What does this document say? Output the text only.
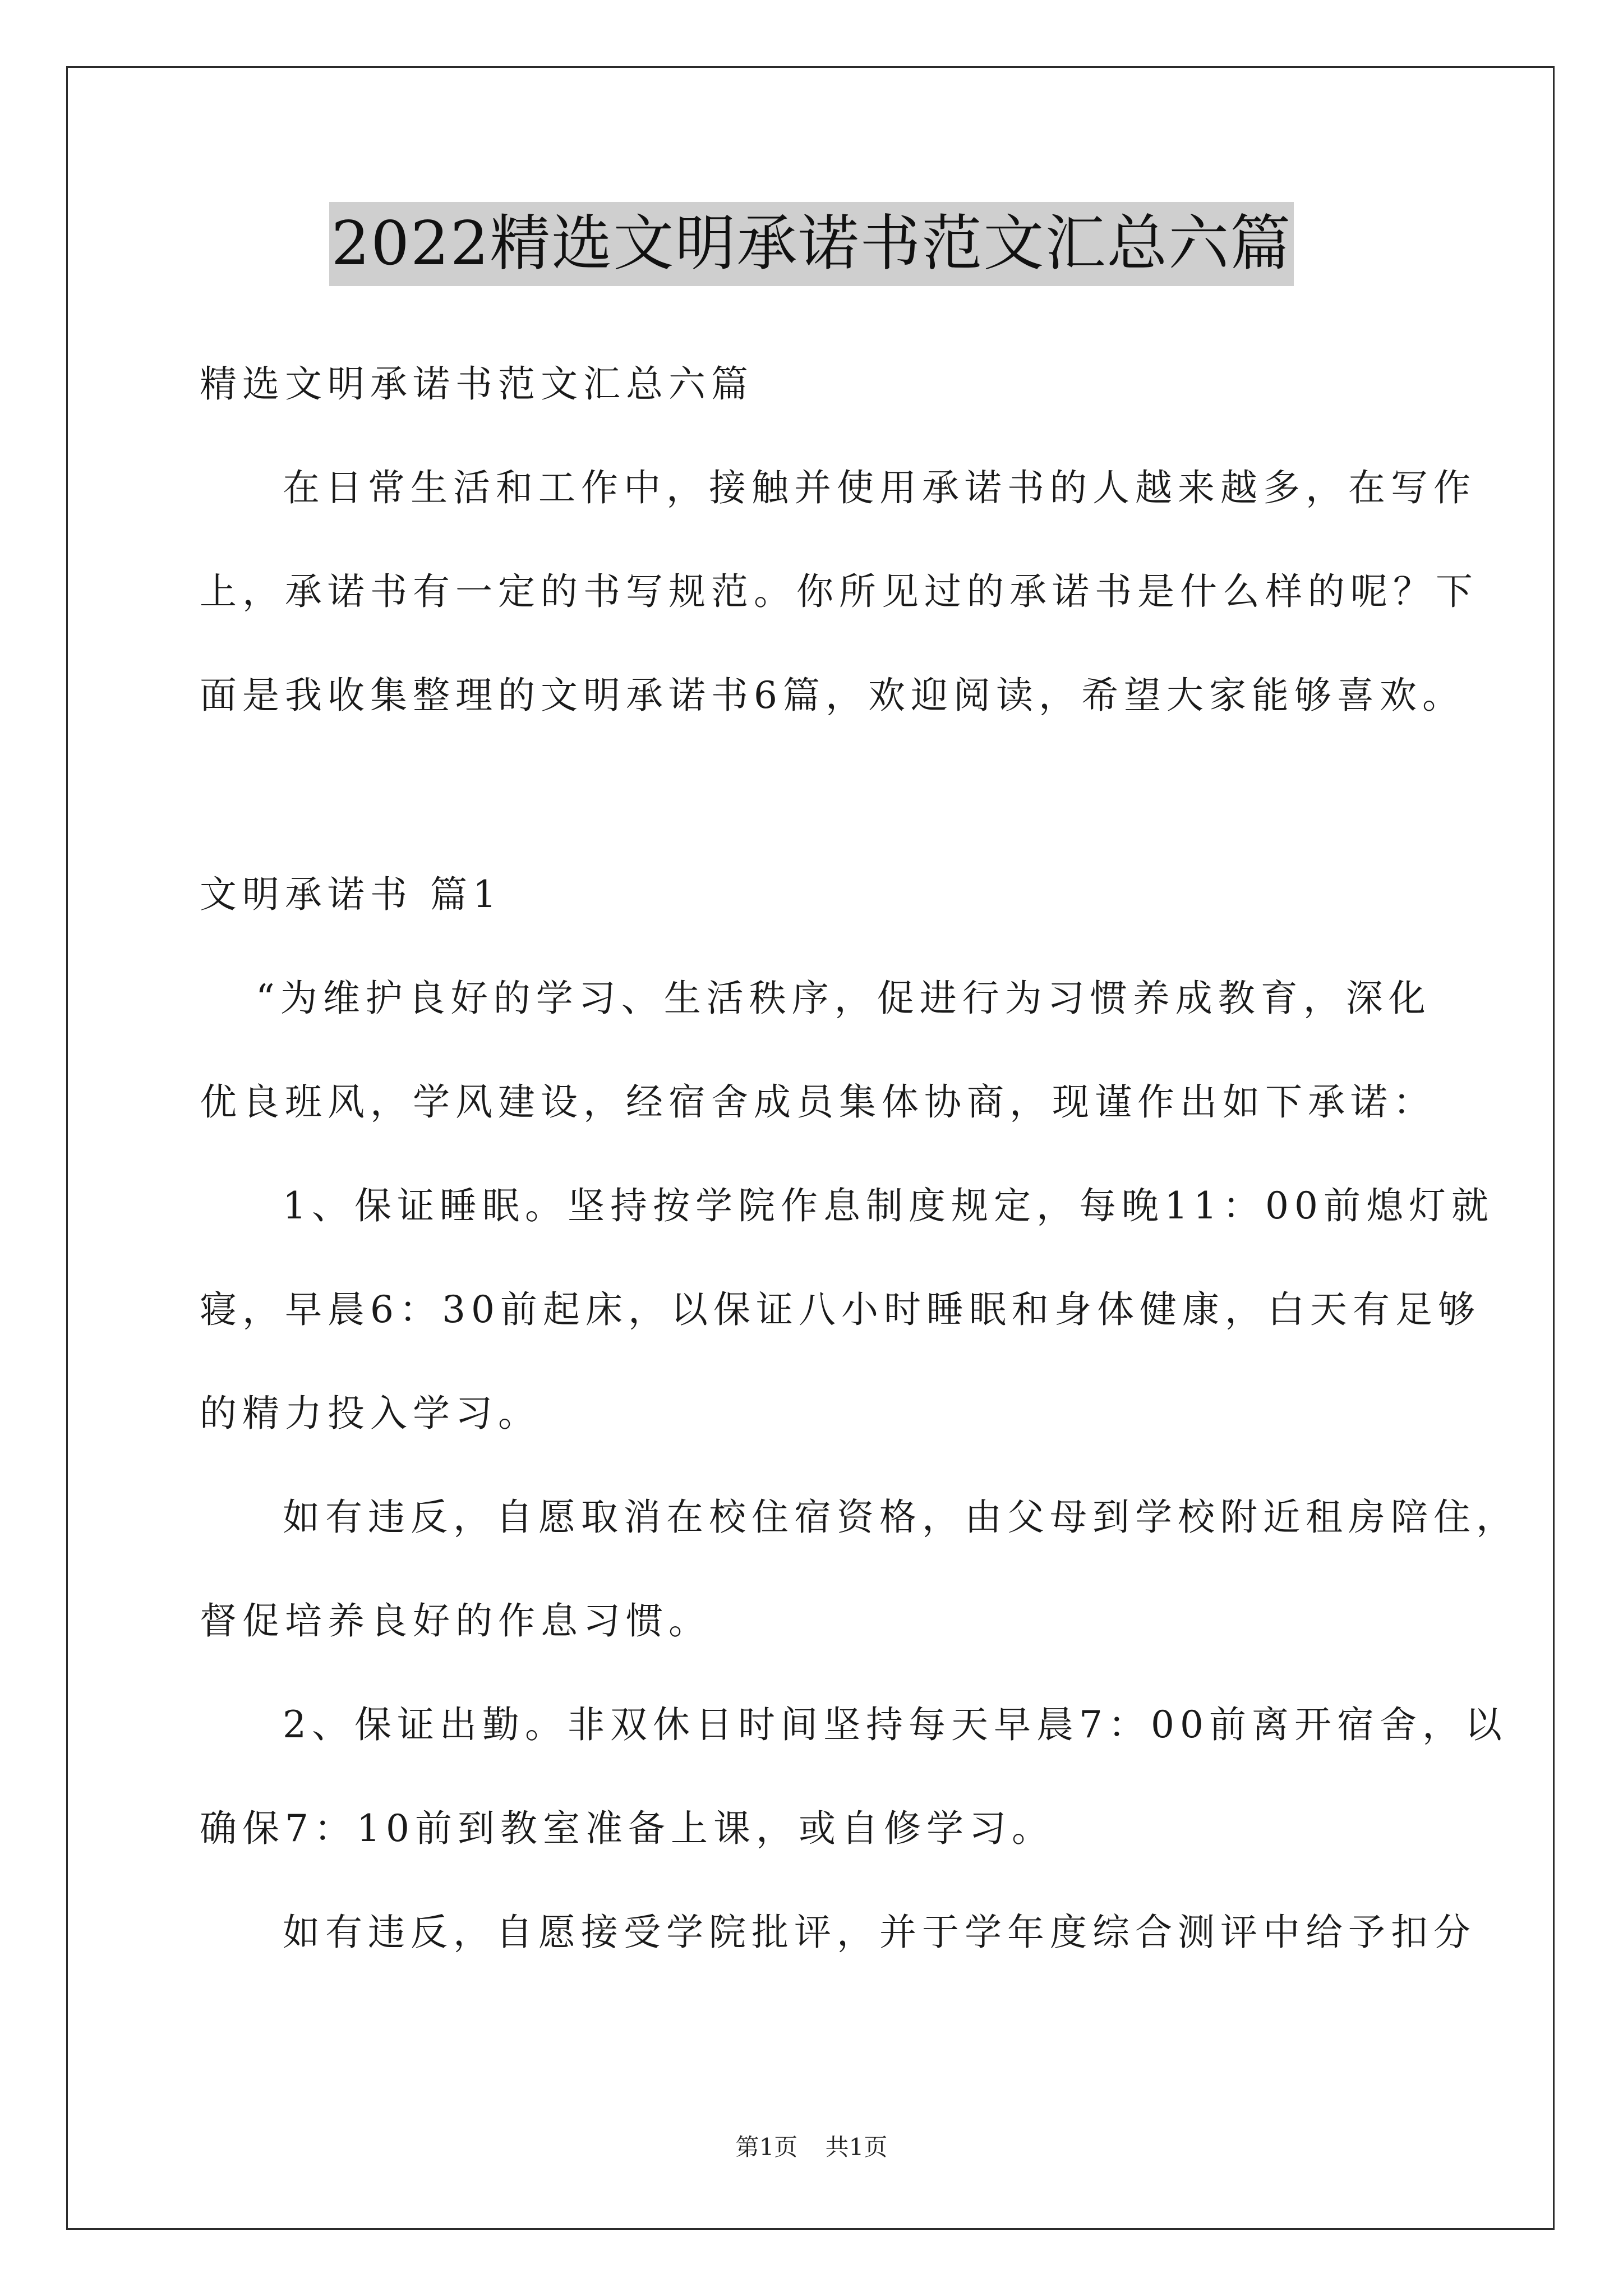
2022精选文明承诺书范文汇总六篇
精选文明承诺书范文汇总六篇
在日常生活和工作中，接触并使用承诺书的人越来越多，在写作
上，承诺书有一定的书写规范。你所见过的承诺书是什么样的呢？下
面是我收集整理的文明承诺书6篇，欢迎阅读，希望大家能够喜欢。
文明承诺书 篇1
“为维护良好的学习、生活秩序，促进行为习惯养成教育，深化
优良班风，学风建设，经宿舍成员集体协商，现谨作出如下承诺：
1、保证睡眠。坚持按学院作息制度规定，每晚11：00前熄灯就
寝，早晨6：30前起床，以保证八小时睡眠和身体健康，白天有足够
的精力投入学习。
如有违反，自愿取消在校住宿资格，由父母到学校附近租房陪住，
督促培养良好的作息习惯。
2、保证出勤。非双休日时间坚持每天早晨7：00前离开宿舍，以
确保7：10前到教室准备上课，或自修学习。
如有违反，自愿接受学院批评，并于学年度综合测评中给予扣分
第1页 共1页
